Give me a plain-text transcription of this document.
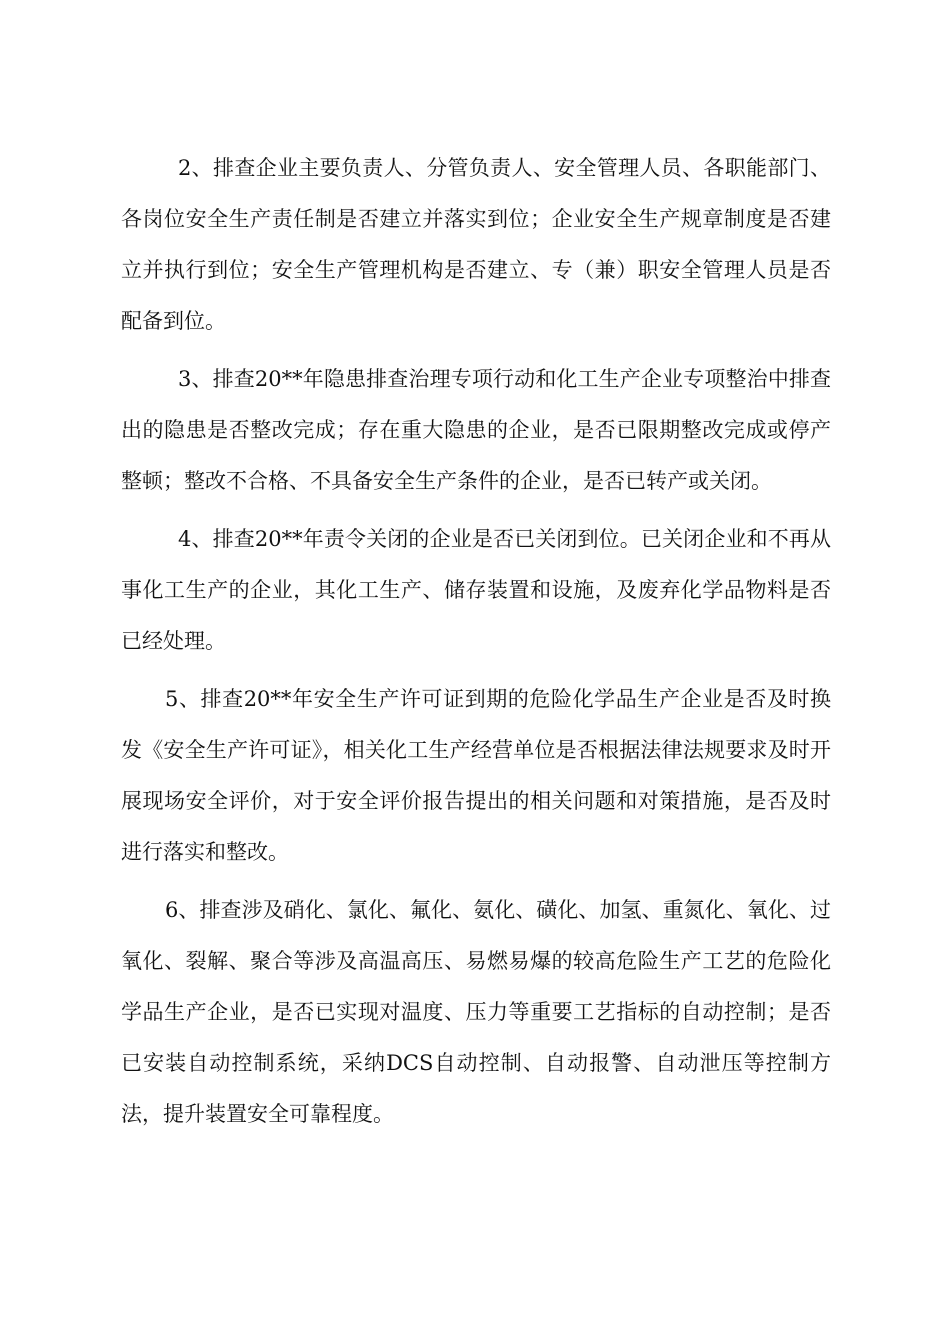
2、排查企业主要负责人、分管负责人、安全管理人员、各职能部门、各岗位安全生产责任制是否建立并落实到位；企业安全生产规章制度是否建立并执行到位；安全生产管理机构是否建立、专（兼）职安全管理人员是否配备到位。

3、排查20**年隐患排查治理专项行动和化工生产企业专项整治中排查出的隐患是否整改完成；存在重大隐患的企业，是否已限期整改完成或停产整顿；整改不合格、不具备安全生产条件的企业，是否已转产或关闭。

4、排查20**年责令关闭的企业是否已关闭到位。已关闭企业和不再从事化工生产的企业，其化工生产、储存装置和设施，及废弃化学品物料是否已经处理。

5、排查20**年安全生产许可证到期的危险化学品生产企业是否及时换发《安全生产许可证》，相关化工生产经营单位是否根据法律法规要求及时开展现场安全评价，对于安全评价报告提出的相关问题和对策措施，是否及时进行落实和整改。

6、排查涉及硝化、氯化、氟化、氨化、磺化、加氢、重氮化、氧化、过氧化、裂解、聚合等涉及高温高压、易燃易爆的较高危险生产工艺的危险化学品生产企业，是否已实现对温度、压力等重要工艺指标的自动控制；是否已安装自动控制系统，采纳DCS自动控制、自动报警、自动泄压等控制方法，提升装置安全可靠程度。
